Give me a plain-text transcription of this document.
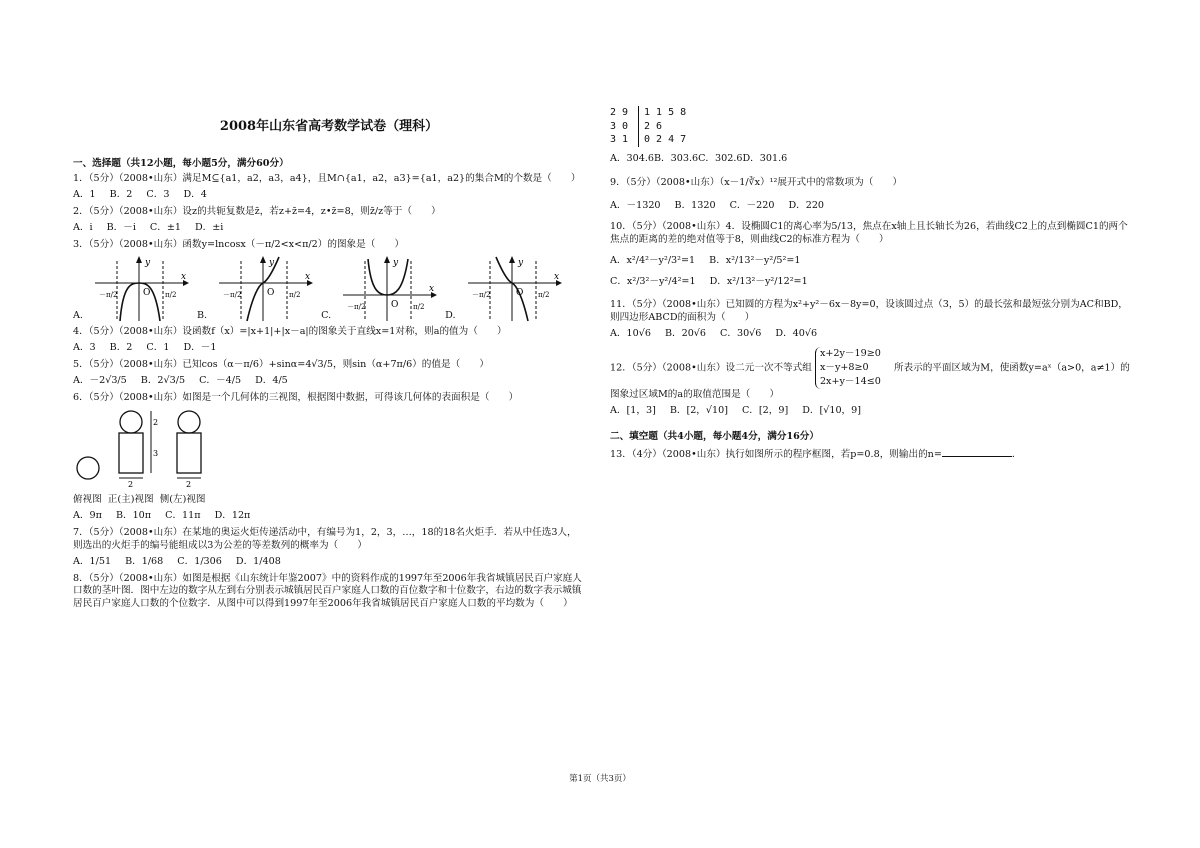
2008年山东省高考数学试卷（理科）
一、选择题（共12小题，每小题5分，满分60分）
1．（5分）（2008•山东）满足M⊆{a1，a2，a3，a4}，且M∩{a1，a2，a3}={a1，a2}的集合M的个数是（　　）
A．1 B．2 C．3 D．4
2．（5分）（2008•山东）设z的共轭复数是z̄，若z+z̄=4，z•z̄=8，则z̄/z等于（　　）
A．i B．－i C．±1 D．±i
3．（5分）（2008•山东）函数y=lncosx（－π/2<x<π/2）的图象是（　　）
A.
y
x
O
－π/2	π/2
B.
y
x
O
－π/2	π/2
C.
y
x
O
－π/2	π/2
D.
y
x
O
－π/2	π/2
4．（5分）（2008•山东）设函数f（x）=|x+1|+|x－a|的图象关于直线x=1对称，则a的值为（　　）
A．3 B．2 C．1 D．－1
5．（5分）（2008•山东）已知cos（α－π/6）+sinα=4√3/5，则sin（α+7π/6）的值是（　　）
A．－2√3/5 B．2√3/5 C．－4/5 D．4/5
6．（5分）（2008•山东）如图是一个几何体的三视图，根据图中数据，可得该几何体的表面积是（　　）
2
3
2	2
俯视图 正(主)视图 侧(左)视图
A．9π B．10π C．11π D．12π
7．（5分）（2008•山东）在某地的奥运火炬传递活动中，有编号为1，2，3，…，18的18名火炬手．若从中任选3人，则选出的火炬手的编号能组成以3为公差的等差数列的概率为（　　）
A．1/51 B．1/68 C．1/306 D．1/408
8．（5分）（2008•山东）如图是根据《山东统计年鉴2007》中的资料作成的1997年至2006年我省城镇居民百户家庭人口数的茎叶图．图中左边的数字从左到右分别表示城镇居民百户家庭人口数的百位数字和十位数字，右边的数字表示城镇居民百户家庭人口数的个位数字．从图中可以得到1997年至2006年我省城镇居民百户家庭人口数的平均数为（　　）
2 9	1 1 5 8
3 0	2 6
3 1	0 2 4 7
A．304.6B．303.6C．302.6D．301.6
9．（5分）（2008•山东）（x－1/∛x）¹²展开式中的常数项为（　　）
A．－1320 B．1320 C．－220 D．220
10．（5分）（2008•山东）4．设椭圆C1的离心率为5/13，焦点在x轴上且长轴长为26，若曲线C2上的点到椭圆C1的两个焦点的距离的差的绝对值等于8，则曲线C2的标准方程为（　　）
A．x²/4²－y²/3²=1 B．x²/13²－y²/5²=1
C．x²/3²－y²/4²=1 D．x²/13²－y²/12²=1
11．（5分）（2008•山东）已知圆的方程为x²+y²－6x－8y=0，设该圆过点（3，5）的最长弦和最短弦分别为AC和BD，则四边形ABCD的面积为（　　）
A．10√6 B．20√6 C．30√6 D．40√6
12．（5分）（2008•山东）设二元一次不等式组
x+2y－19≥0
x－y+8≥0
2x+y－14≤0
所表示的平面区域为M，使函数y=aˣ（a>0，a≠1）的图象过区域M的a的取值范围是（　　）
A．[1，3] B．[2，√10] C．[2，9] D．[√10，9]
二、填空题（共4小题，每小题4分，满分16分）
13．（4分）（2008•山东）执行如图所示的程序框图，若p=0.8，则输出的n=	．
第1页（共3页）
